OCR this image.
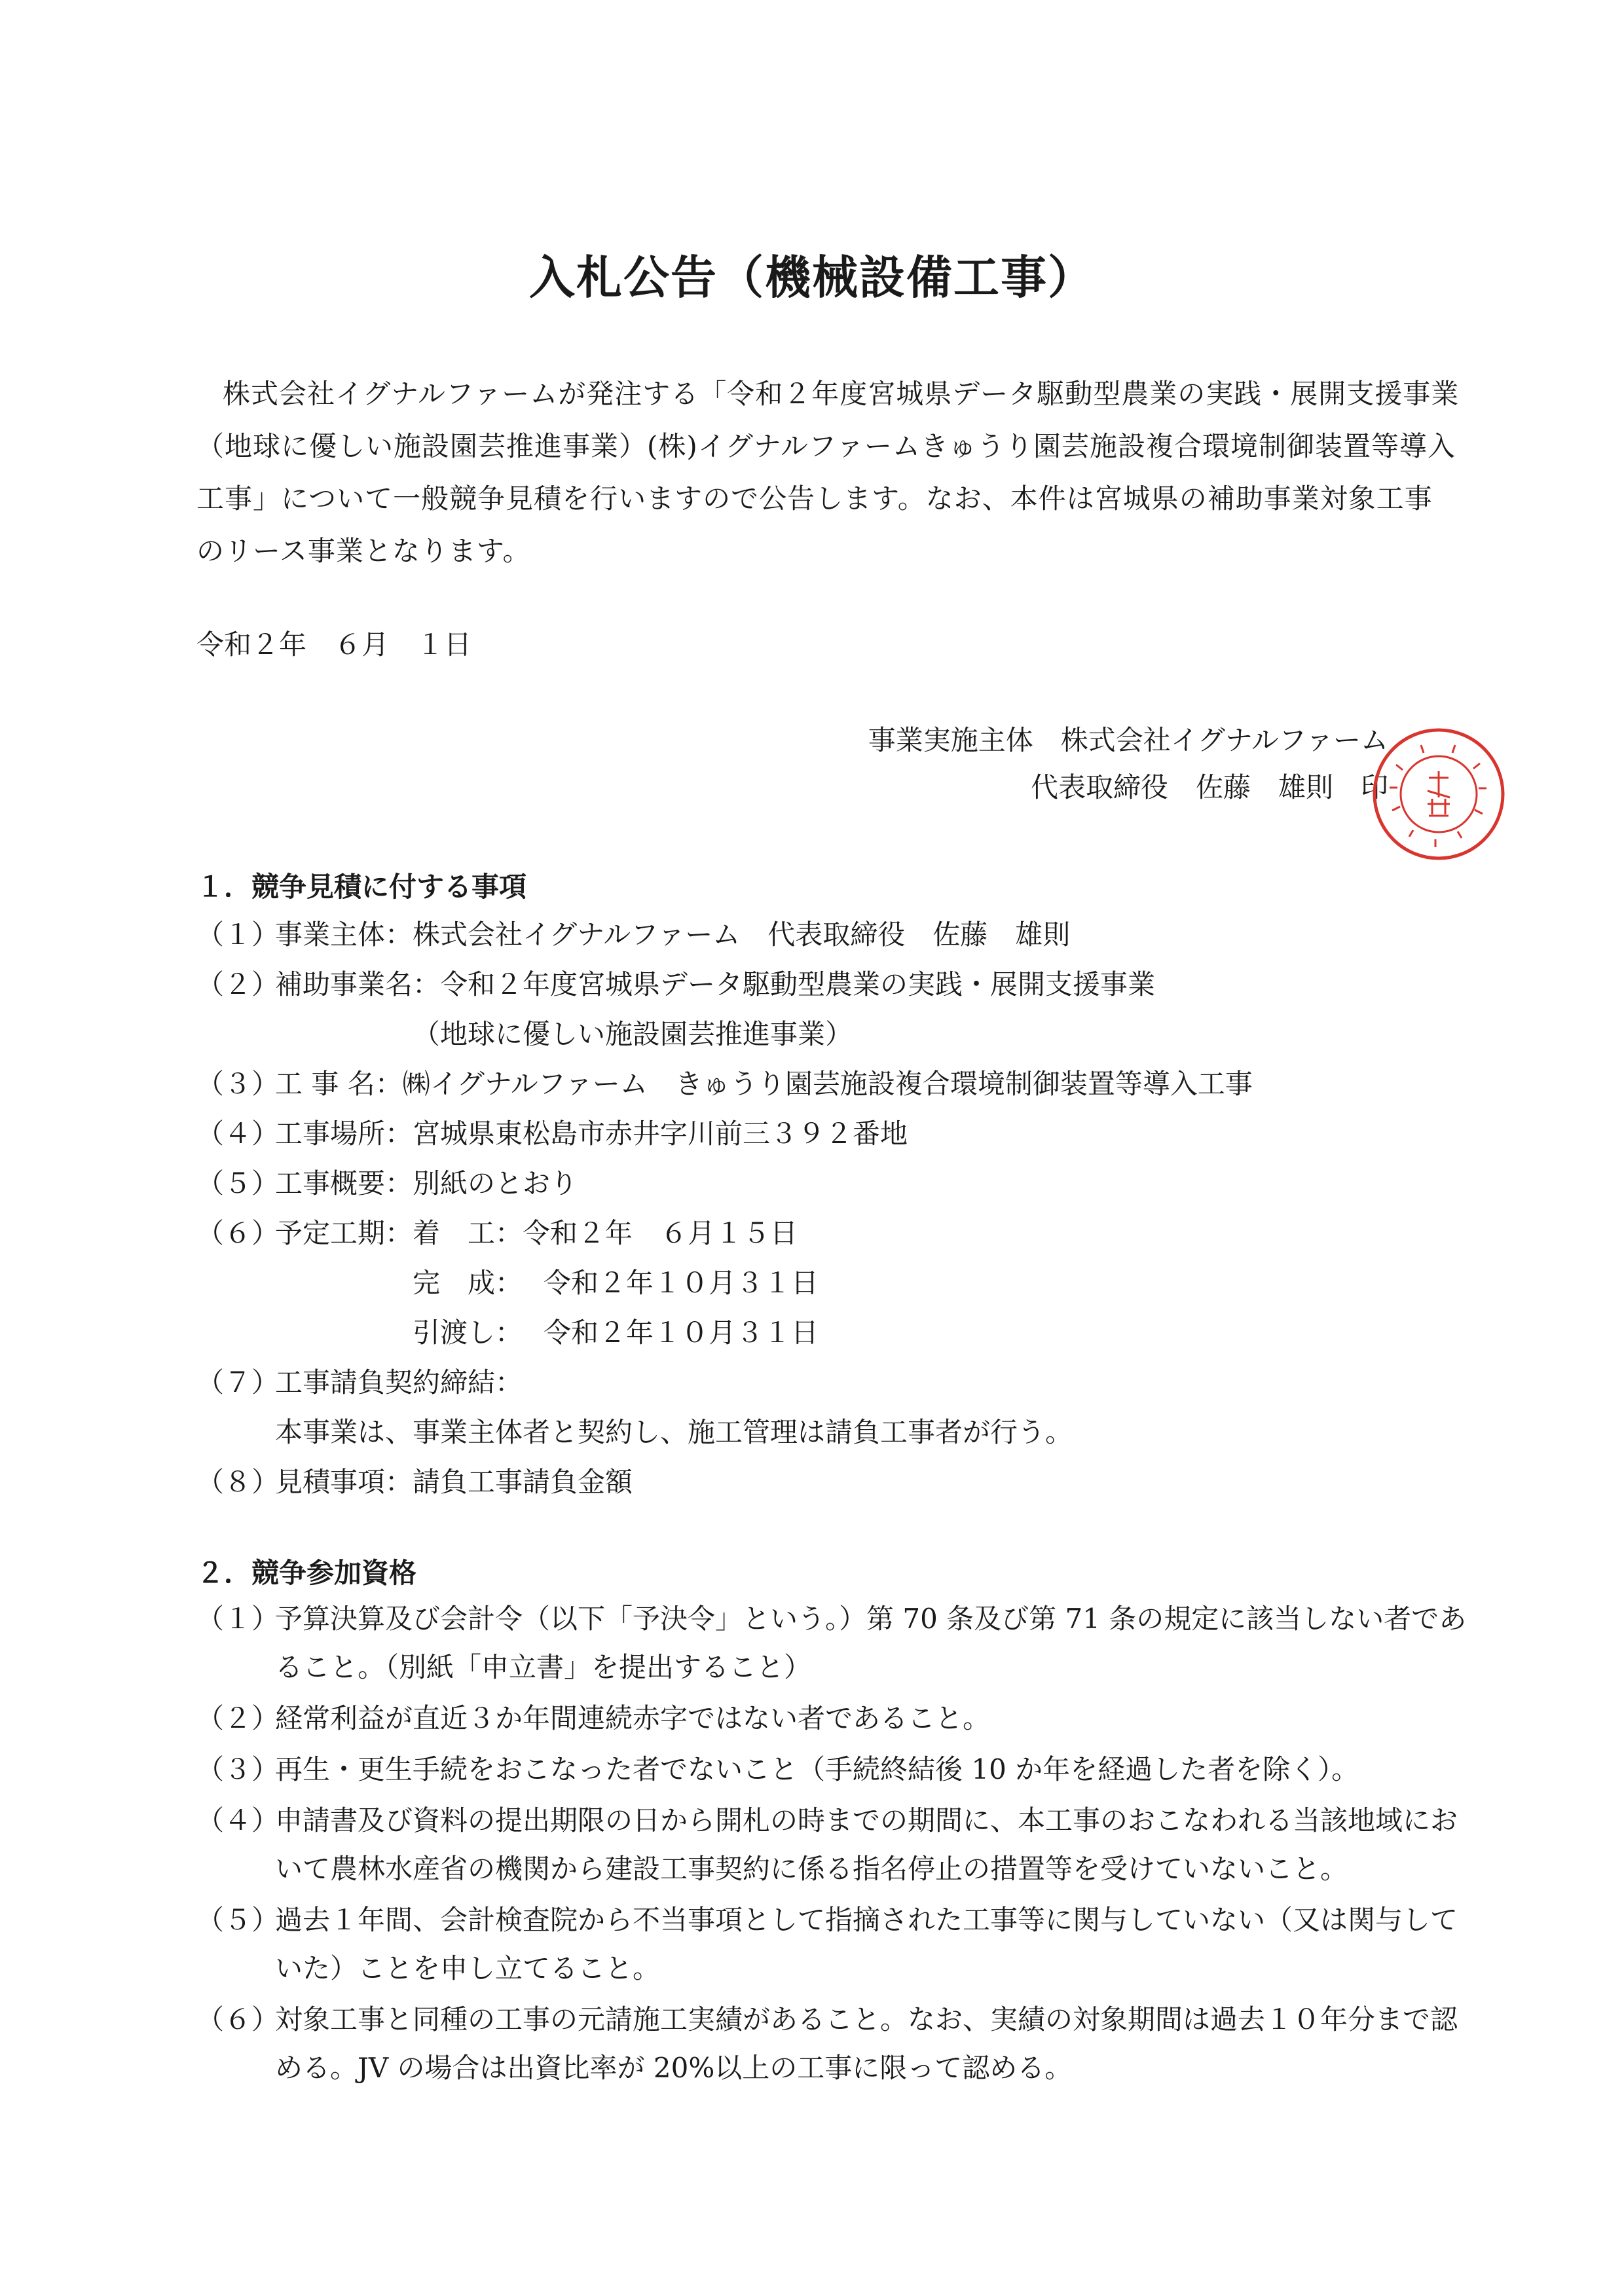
入札公告（機械設備工事）

株式会社イグナルファームが発注する「令和２年度宮城県データ駆動型農業の実践・展開支援事業（地球に優しい施設園芸推進事業）(株)イグナルファームきゅうり園芸施設複合環境制御装置等導入工事」について一般競争見積を行いますので公告します。なお、本件は宮城県の補助事業対象工事のリース事業となります。

令和２年　６月　１日

事業実施主体　株式会社イグナルファーム

代表取締役　佐藤　雄則　印

１．競争見積に付する事項
（１）
事業主体： 株式会社イグナルファーム　代表取締役　佐藤　雄則
（２）
補助事業名： 令和２年度宮城県データ駆動型農業の実践・展開支援事業
（地球に優しい施設園芸推進事業）
（３）
工 事 名： ㈱イグナルファーム　きゅうり園芸施設複合環境制御装置等導入工事
（４）
工事場所： 宮城県東松島市赤井字川前三３９２番地
（５）
工事概要： 別紙のとおり
（６）
予定工期： 着　工： 令和２年　６月１５日
完　成： 令和２年１０月３１日
引渡し： 令和２年１０月３１日
（７）
工事請負契約締結：
本事業は、事業主体者と契約し、施工管理は請負工事者が行う。
（８）
見積事項： 請負工事請負金額
２．競争参加資格
（１）
予算決算及び会計令（以下「予決令」という。）第 70 条及び第 71 条の規定に該当しない者であること。（別紙「申立書」を提出すること）
（２）
経常利益が直近３か年間連続赤字ではない者であること。
（３）
再生・更生手続をおこなった者でないこと（手続終結後 10 か年を経過した者を除く）。
（４）
申請書及び資料の提出期限の日から開札の時までの期間に、本工事のおこなわれる当該地域において農林水産省の機関から建設工事契約に係る指名停止の措置等を受けていないこと。
（５）
過去１年間、会計検査院から不当事項として指摘された工事等に関与していない（又は関与していた）ことを申し立てること。
（６）
対象工事と同種の工事の元請施工実績があること。なお、実績の対象期間は過去１０年分まで認める。JV の場合は出資比率が 20%以上の工事に限って認める。
